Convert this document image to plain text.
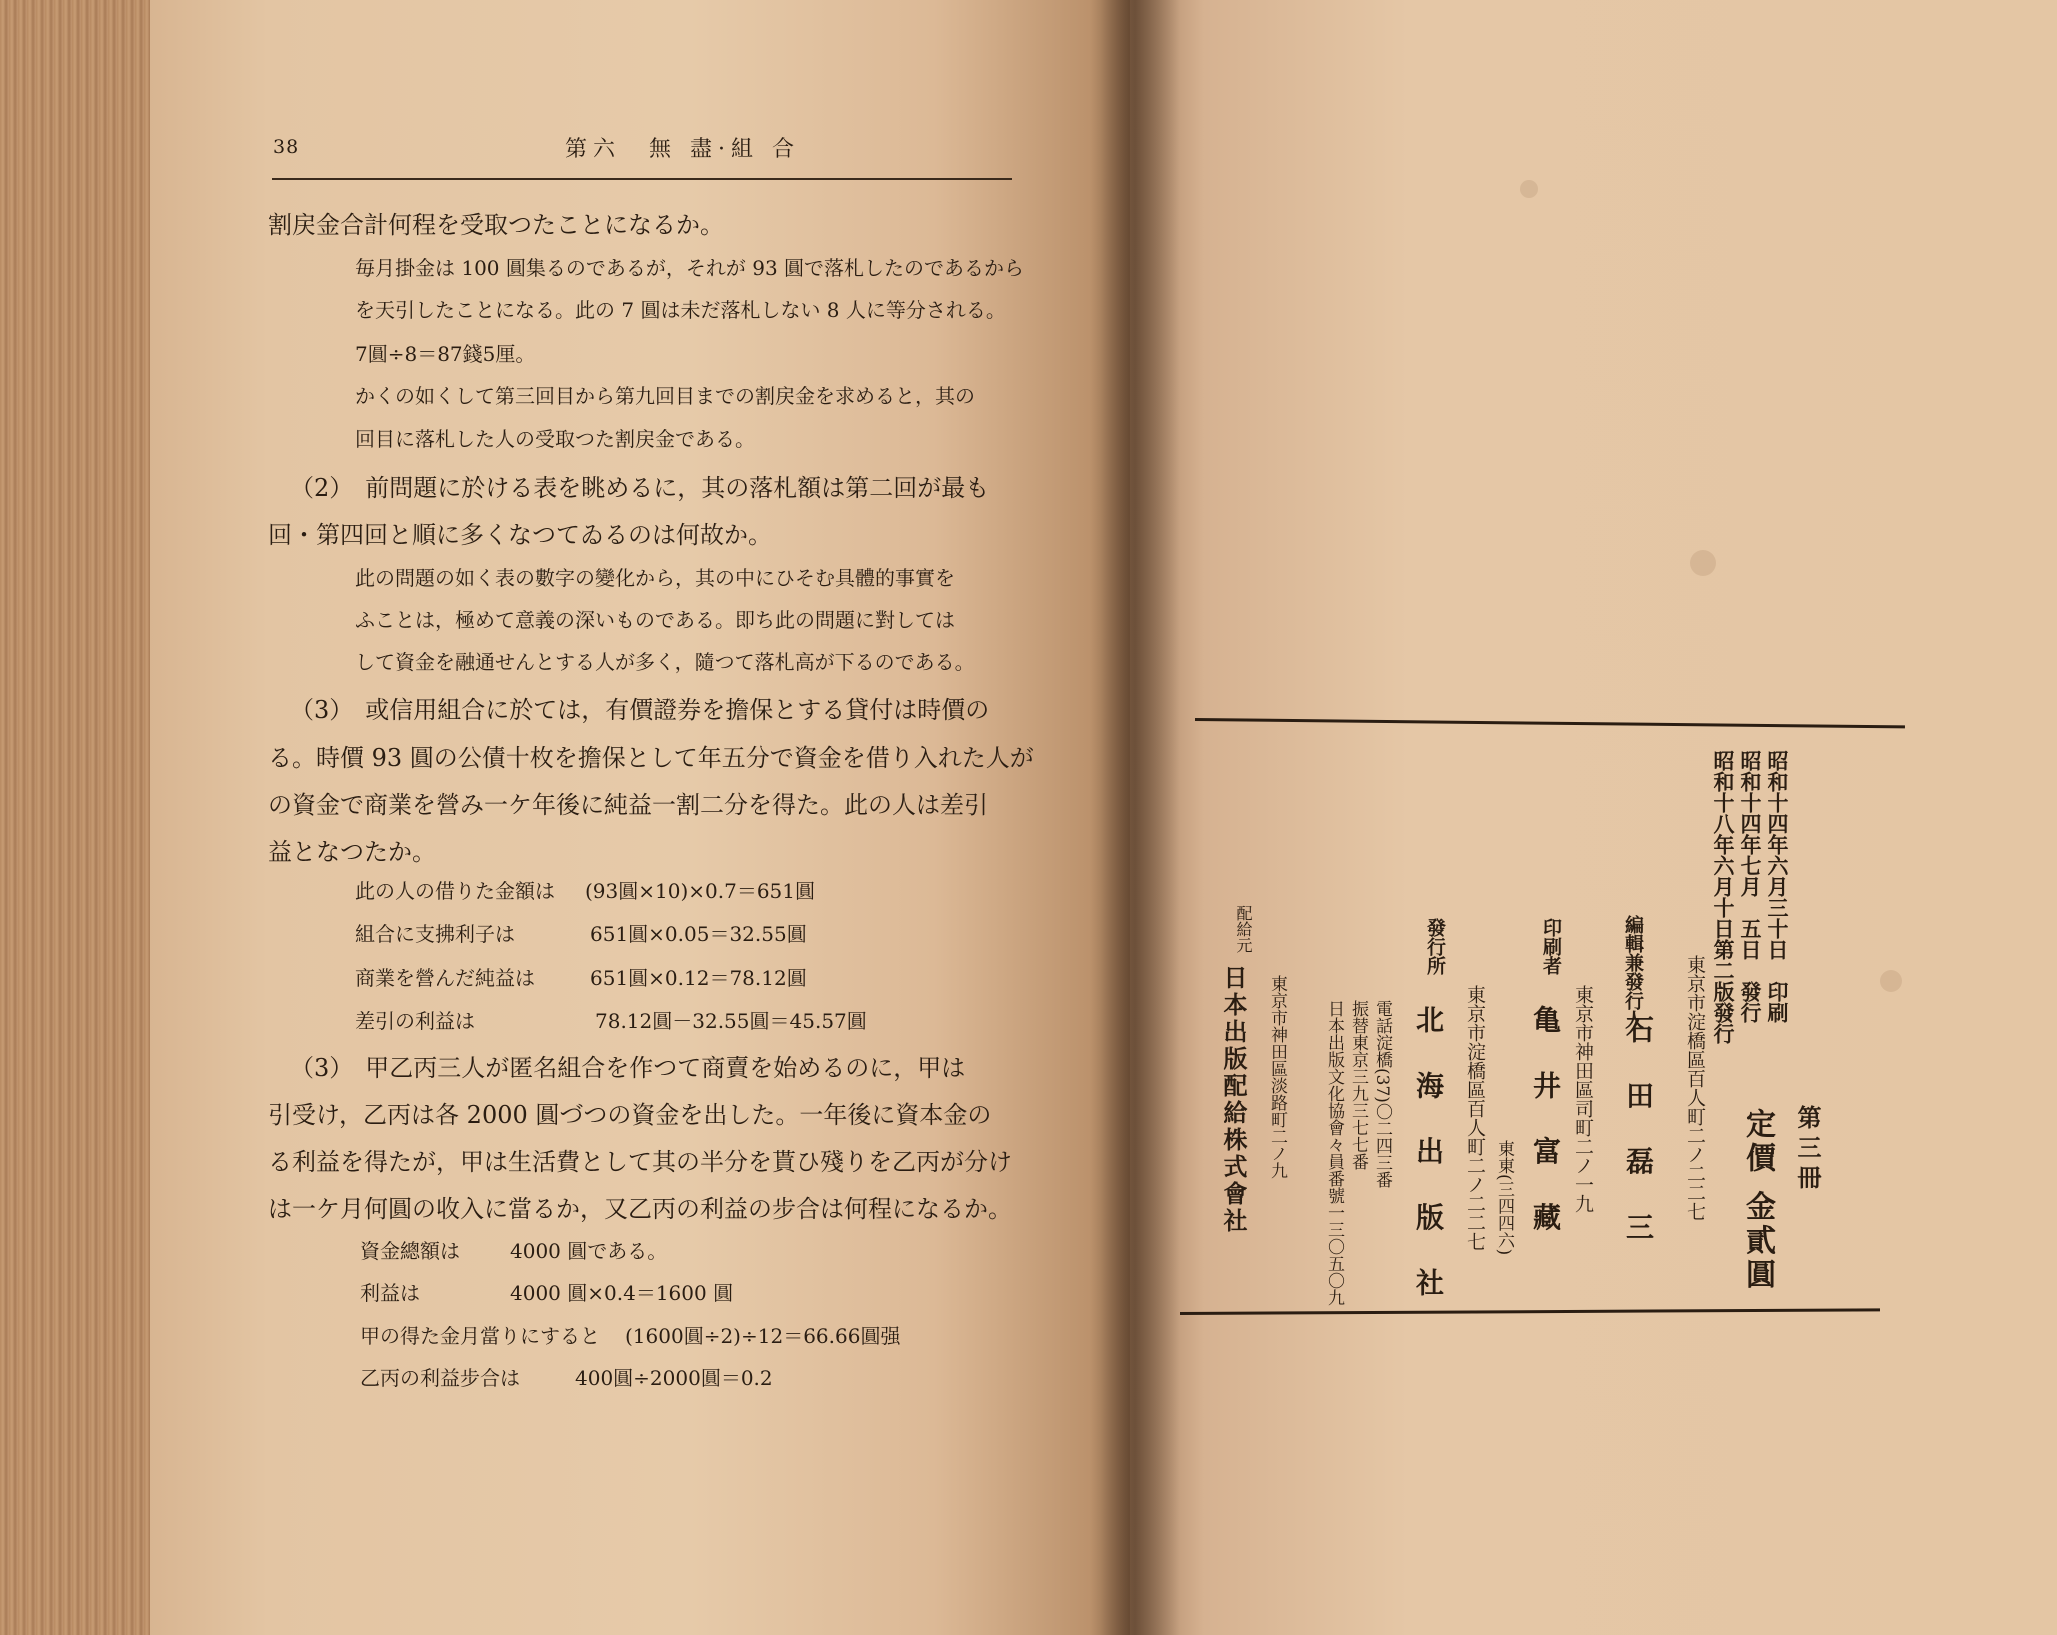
38	第六　無 盡·組 合
割戻金合計何程を受取つたことになるか。
毎月掛金は 100 圓集るのであるが，それが 93 圓で落札したのであるから
を天引したことになる。此の 7 圓は未だ落札しない 8 人に等分される。
7圓÷8＝87錢5厘。
かくの如くして第三回目から第九回目までの割戻金を求めると，其の
回目に落札した人の受取つた割戻金である。
（2）　前問題に於ける表を眺めるに，其の落札額は第二回が最も
回・第四回と順に多くなつてゐるのは何故か。
此の問題の如く表の數字の變化から，其の中にひそむ具體的事實を
ふことは，極めて意義の深いものである。即ち此の問題に對しては
して資金を融通せんとする人が多く，隨つて落札高が下るのである。
（3）　或信用組合に於ては，有價證券を擔保とする貸付は時價の
る。時價 93 圓の公債十枚を擔保として年五分で資金を借り入れた人が
の資金で商業を營み一ケ年後に純益一割二分を得た。此の人は差引
益となつたか。
此の人の借りた金額は (93圓×10)×0.7＝651圓
組合に支拂利子は	651圓×0.05＝32.55圓
商業を營んだ純益は	651圓×0.12＝78.12圓
差引の利益は	78.12圓－32.55圓＝45.57圓
（3）　甲乙丙三人が匿名組合を作つて商賣を始めるのに，甲は
引受け，乙丙は各 2000 圓づつの資金を出した。一年後に資本金の
る利益を得たが，甲は生活費として其の半分を貰ひ殘りを乙丙が分け
は一ケ月何圓の收入に當るか，又乙丙の利益の步合は何程になるか。
資金總額は	4000 圓である。
利益は	4000 圓×0.4＝1600 圓
甲の得た金月當りにすると (1600圓÷2)÷12＝66.66圓强
乙丙の利益步合は	400圓÷2000圓＝0.2
昭和十四年六月三十日　印刷
昭和十四年七月　五日　發行
昭和十八年六月十日第二版發行
第三冊
定價 金貳圓
東京市淀橋區百人町二ノ二二七
編輯兼發行人
石 田 磊 三
東京市神田區司町二ノ一九
印刷者
亀 井 富 藏
東東(三四四六)
東京市淀橋區百人町二ノ二二七
發行所
北 海 出 版 社
電話淀橋(37)〇二四三番
振替東京三九三七七番
日本出版文化協會々員番號一三〇五〇九
東京市神田區淡路町二ノ九
配給元
日本出版配給株式會社
